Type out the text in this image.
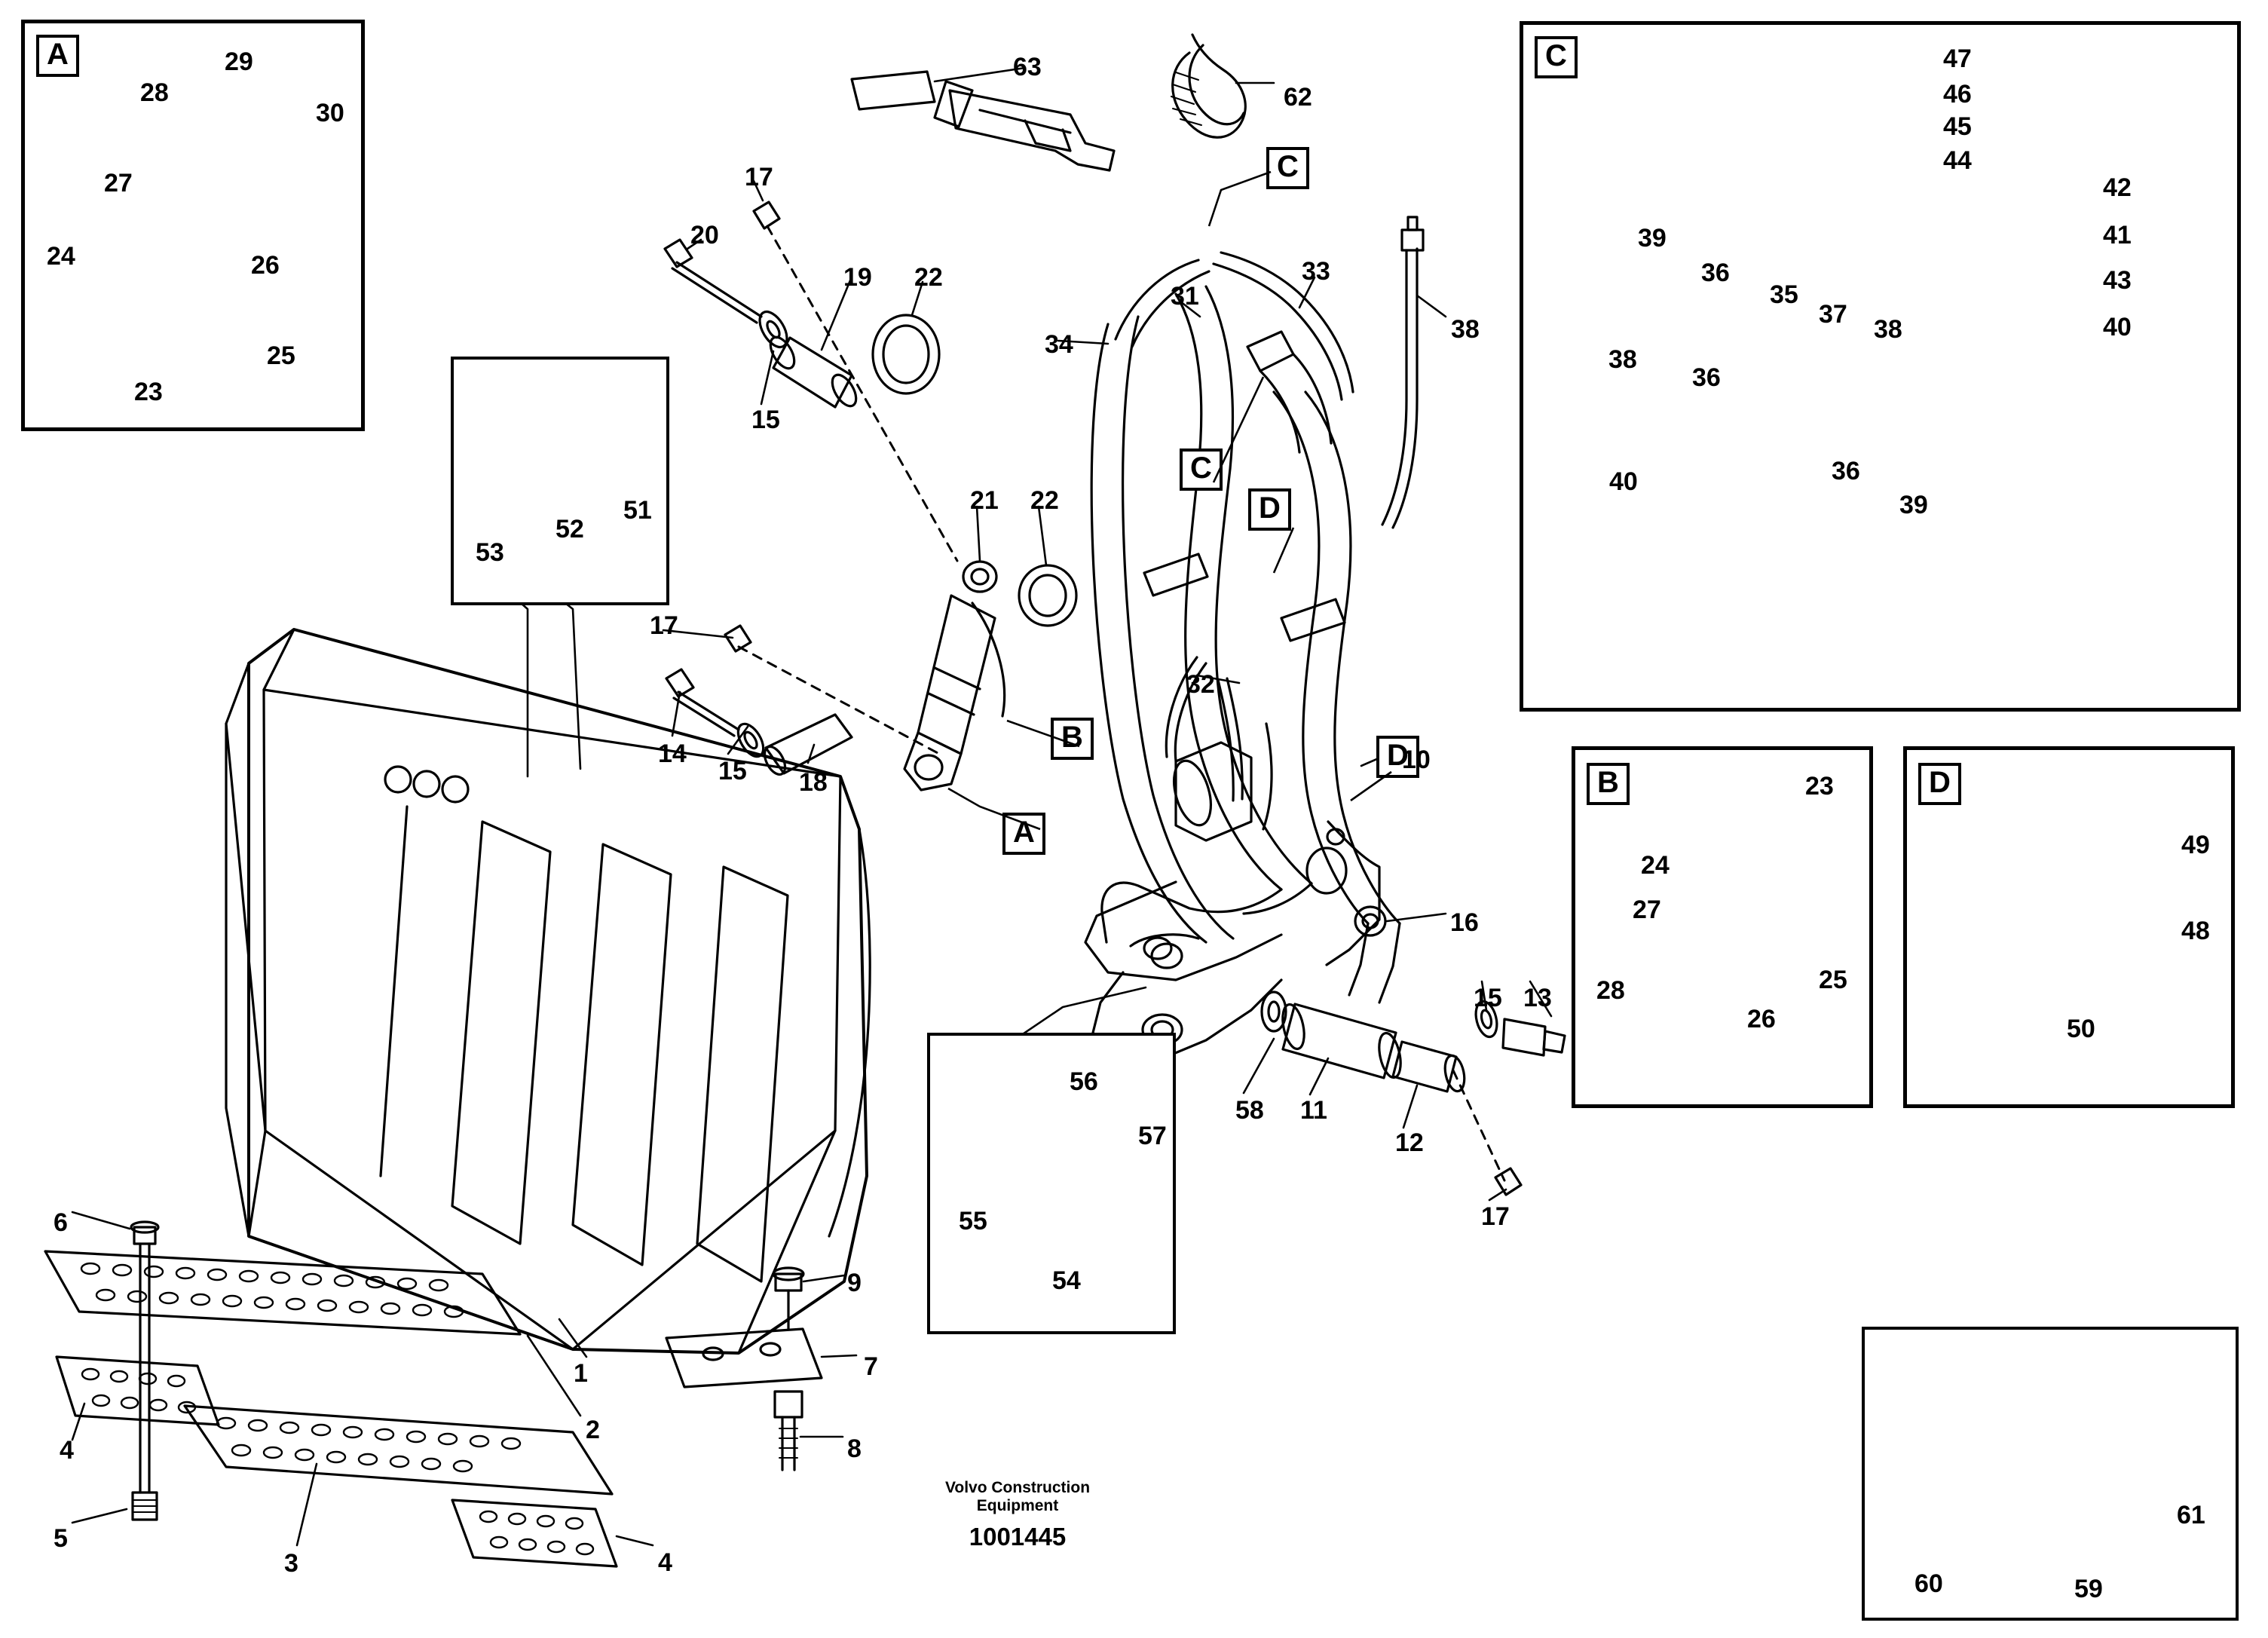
A	C
B	D
C
C
D
D
B
A
29
28
30
27
26
24
25
23
63
62
17
20
19 22
15
34
31
33
38
47
46
45
44
42
41
43
40
39
36
35
37
38
38
36
36
40
39
21 22
17
14
15 18
32
10
53
52
51
16
15 13
58 11
12
17
56
57
55
54
23
24
27
25
28
26
49
48
50
6
9
7
8
1
2
4
5
3	4
61
60	59
Volvo Construction
Equipment
1001445
